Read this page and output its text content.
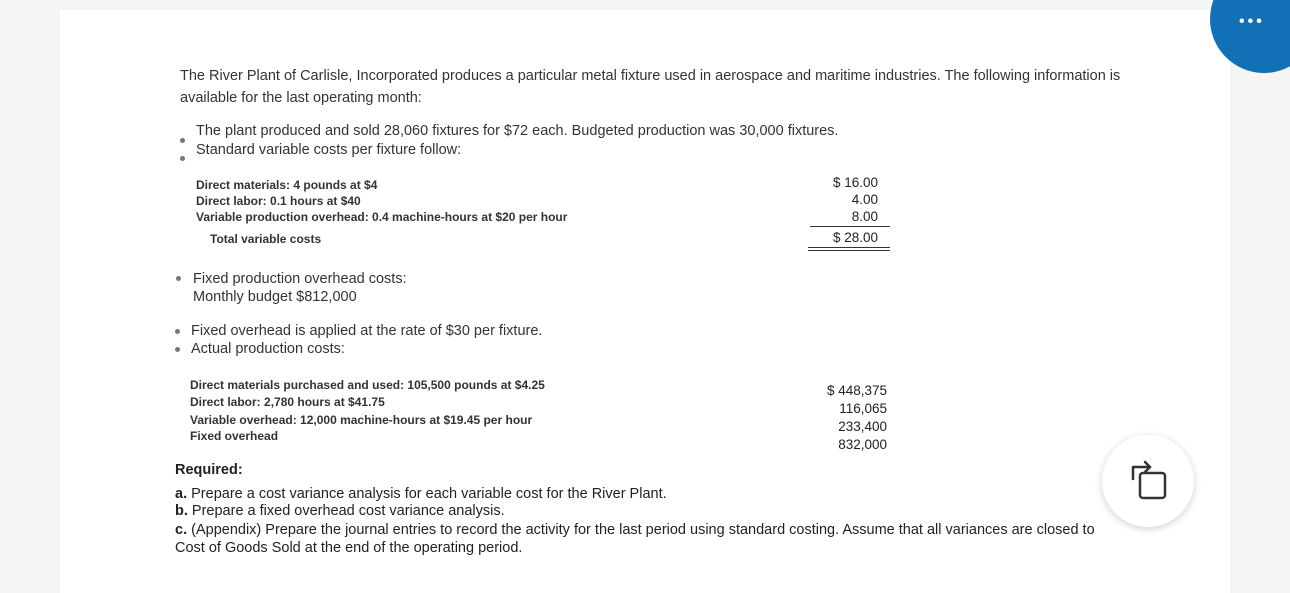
The River Plant of Carlisle, Incorporated produces a particular metal fixture used in aerospace and maritime industries. The following information is
available for the last operating month:
The plant produced and sold 28,060 fixtures for $72 each. Budgeted production was 30,000 fixtures.
Standard variable costs per fixture follow:
Direct materials: 4 pounds at $4
Direct labor: 0.1 hours at $40
Variable production overhead: 0.4 machine-hours at $20 per hour
Total variable costs
$ 16.00
4.00
8.00
$ 28.00
Fixed production overhead costs:
Monthly budget $812,000
Fixed overhead is applied at the rate of $30 per fixture.
Actual production costs:
Direct materials purchased and used: 105,500 pounds at $4.25
Direct labor: 2,780 hours at $41.75
Variable overhead: 12,000 machine-hours at $19.45 per hour
Fixed overhead
$ 448,375
116,065
233,400
832,000
Required:
a. Prepare a cost variance analysis for each variable cost for the River Plant.
b. Prepare a fixed overhead cost variance analysis.
c. (Appendix) Prepare the journal entries to record the activity for the last period using standard costing. Assume that all variances are closed to
Cost of Goods Sold at the end of the operating period.
•••
